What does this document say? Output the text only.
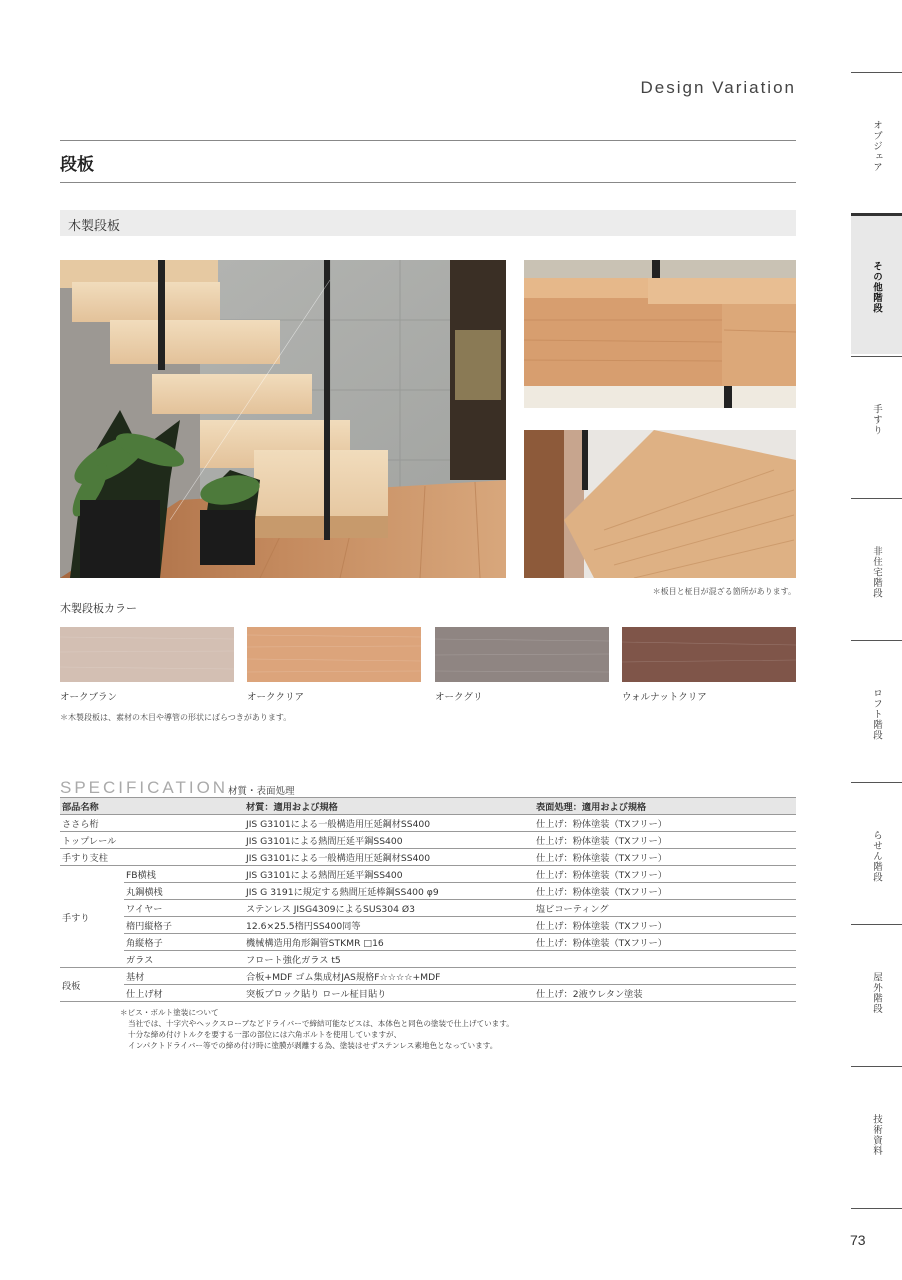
Design Variation
段板
木製段板
＊板目と柾目が混ざる箇所があります。
木製段板カラー
オークブラン	オーククリア	オークグリ	ウォルナットクリア
＊木製段板は、素材の木目や導管の形状にばらつきがあります。
SPECIFICATION 材質・表面処理
部品名称		材質：適用および規格	表面処理：適用および規格
ささら桁		JIS G3101による一般構造用圧延鋼材SS400	仕上げ：粉体塗装（TXフリー）
トップレール		JIS G3101による熱間圧延平鋼SS400	仕上げ：粉体塗装（TXフリー）
手すり支柱		JIS G3101による一般構造用圧延鋼材SS400	仕上げ：粉体塗装（TXフリー）
手すり	FB横桟	JIS G3101による熱間圧延平鋼SS400	仕上げ：粉体塗装（TXフリー）
	丸鋼横桟	JIS G 3191に規定する熱間圧延棒鋼SS400 φ9	仕上げ：粉体塗装（TXフリー）
	ワイヤー	ステンレス JISG4309によるSUS304 Ø3	塩ビコーティング
	楕円縦格子	12.6×25.5楕円SS400同等	仕上げ：粉体塗装（TXフリー）
	角縦格子	機械構造用角形鋼管STKMR □16	仕上げ：粉体塗装（TXフリー）
	ガラス	フロート強化ガラス t5	
段板	基材	合板+MDF ゴム集成材JAS規格F☆☆☆☆+MDF	
	仕上げ材	突板ブロック貼り ロール柾目貼り	仕上げ：2液ウレタン塗装
＊ビス・ボルト塗装について
当社では、十字穴やヘックスローブなどドライバーで締結可能なビスは、本体色と同色の塗装で仕上げています。
十分な締め付けトルクを要する一部の部位には六角ボルトを使用していますが、
インパクトドライバー等での締め付け時に塗膜が剥離する為、塗装はせずステンレス素地色となっています。
オブジェア
その他階段
手すり
非住宅階段
ロフト階段
らせん階段
屋外階段
技術資料
73
